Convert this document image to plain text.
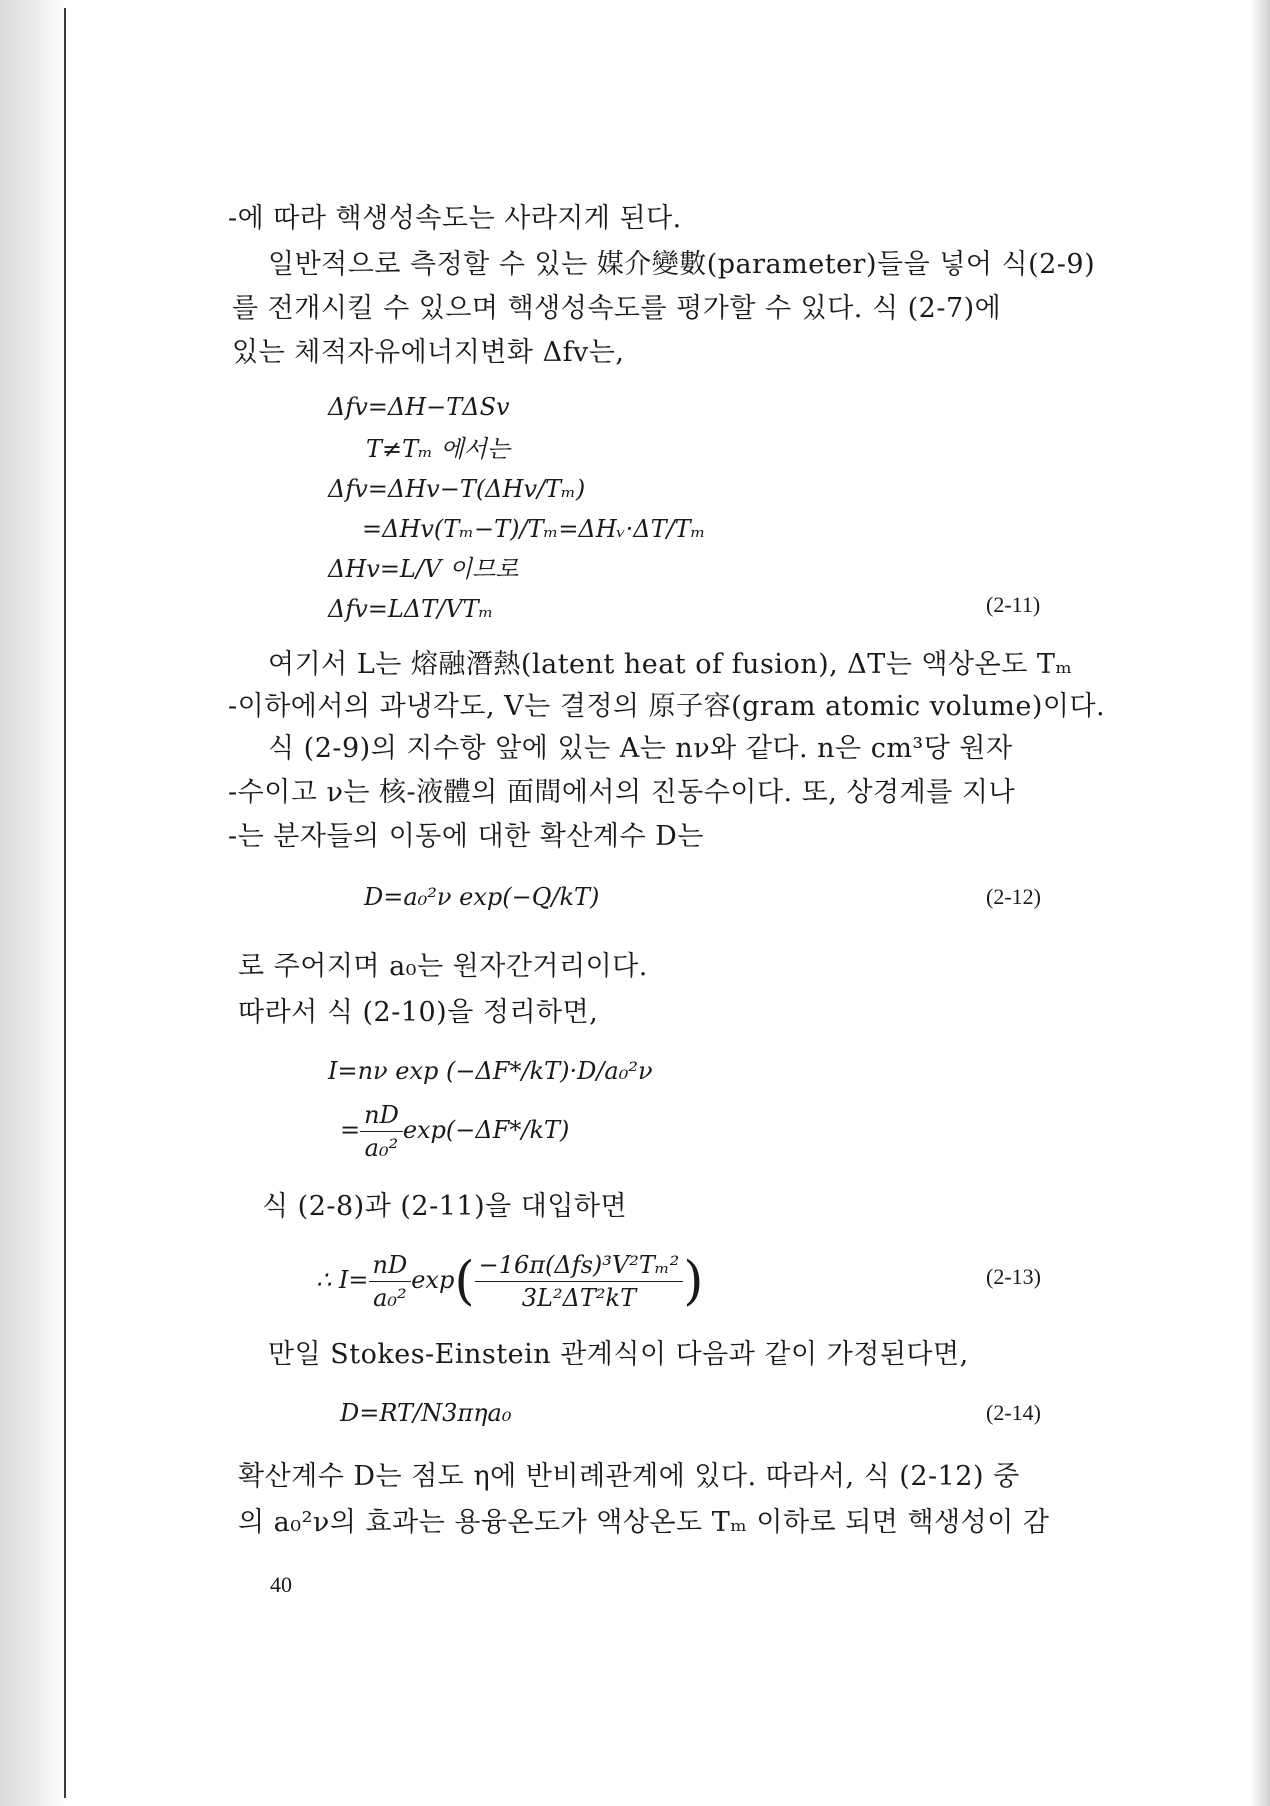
-에 따라 핵생성속도는 사라지게 된다.
일반적으로 측정할 수 있는 媒介變數(parameter)들을 넣어 식(2-9)
를 전개시킬 수 있으며 핵생성속도를 평가할 수 있다. 식 (2-7)에
있는 체적자유에너지변화 Δfv는,
Δfv=ΔH−TΔSv
T≠Tₘ 에서는
Δfv=ΔHv−T(ΔHv/Tₘ)
=ΔHv(Tₘ−T)/Tₘ=ΔHᵥ·ΔT/Tₘ
ΔHv=L/V 이므로
Δfv=LΔT/VTₘ	(2-11)
여기서 L는 熔融潛熱(latent heat of fusion), ΔT는 액상온도 Tₘ
-이하에서의 과냉각도, V는 결정의 原子容(gram atomic volume)이다.
식 (2-9)의 지수항 앞에 있는 A는 nν와 같다. n은 cm³당 원자
-수이고 ν는 核-液體의 面間에서의 진동수이다. 또, 상경계를 지나
-는 분자들의 이동에 대한 확산계수 D는
D=a₀²ν exp(−Q/kT)	(2-12)
로 주어지며 a₀는 원자간거리이다.
따라서 식 (2-10)을 정리하면,
I=nν exp (−ΔF*/kT)·D/a₀²ν
= $\frac{nD}{\text{a₀²}} \exp(-\Delta F*/kT)$
식 (2-8)과 (2-11)을 대입하면
∴ $I= \frac{nD}{\text{a₀²}} \exp( \frac{\text{−16π(Δfs)³V²Tₘ²}}{\text{3L²ΔT²kT}}$ )	(2-13)
만일 Stokes-Einstein 관계식이 다음과 같이 가정된다면,
D=RT/N3πηa₀	(2-14)
확산계수 D는 점도 η에 반비례관계에 있다. 따라서, 식 (2-12) 중
의 a₀²ν의 효과는 용융온도가 액상온도 Tₘ 이하로 되면 핵생성이 감
40
